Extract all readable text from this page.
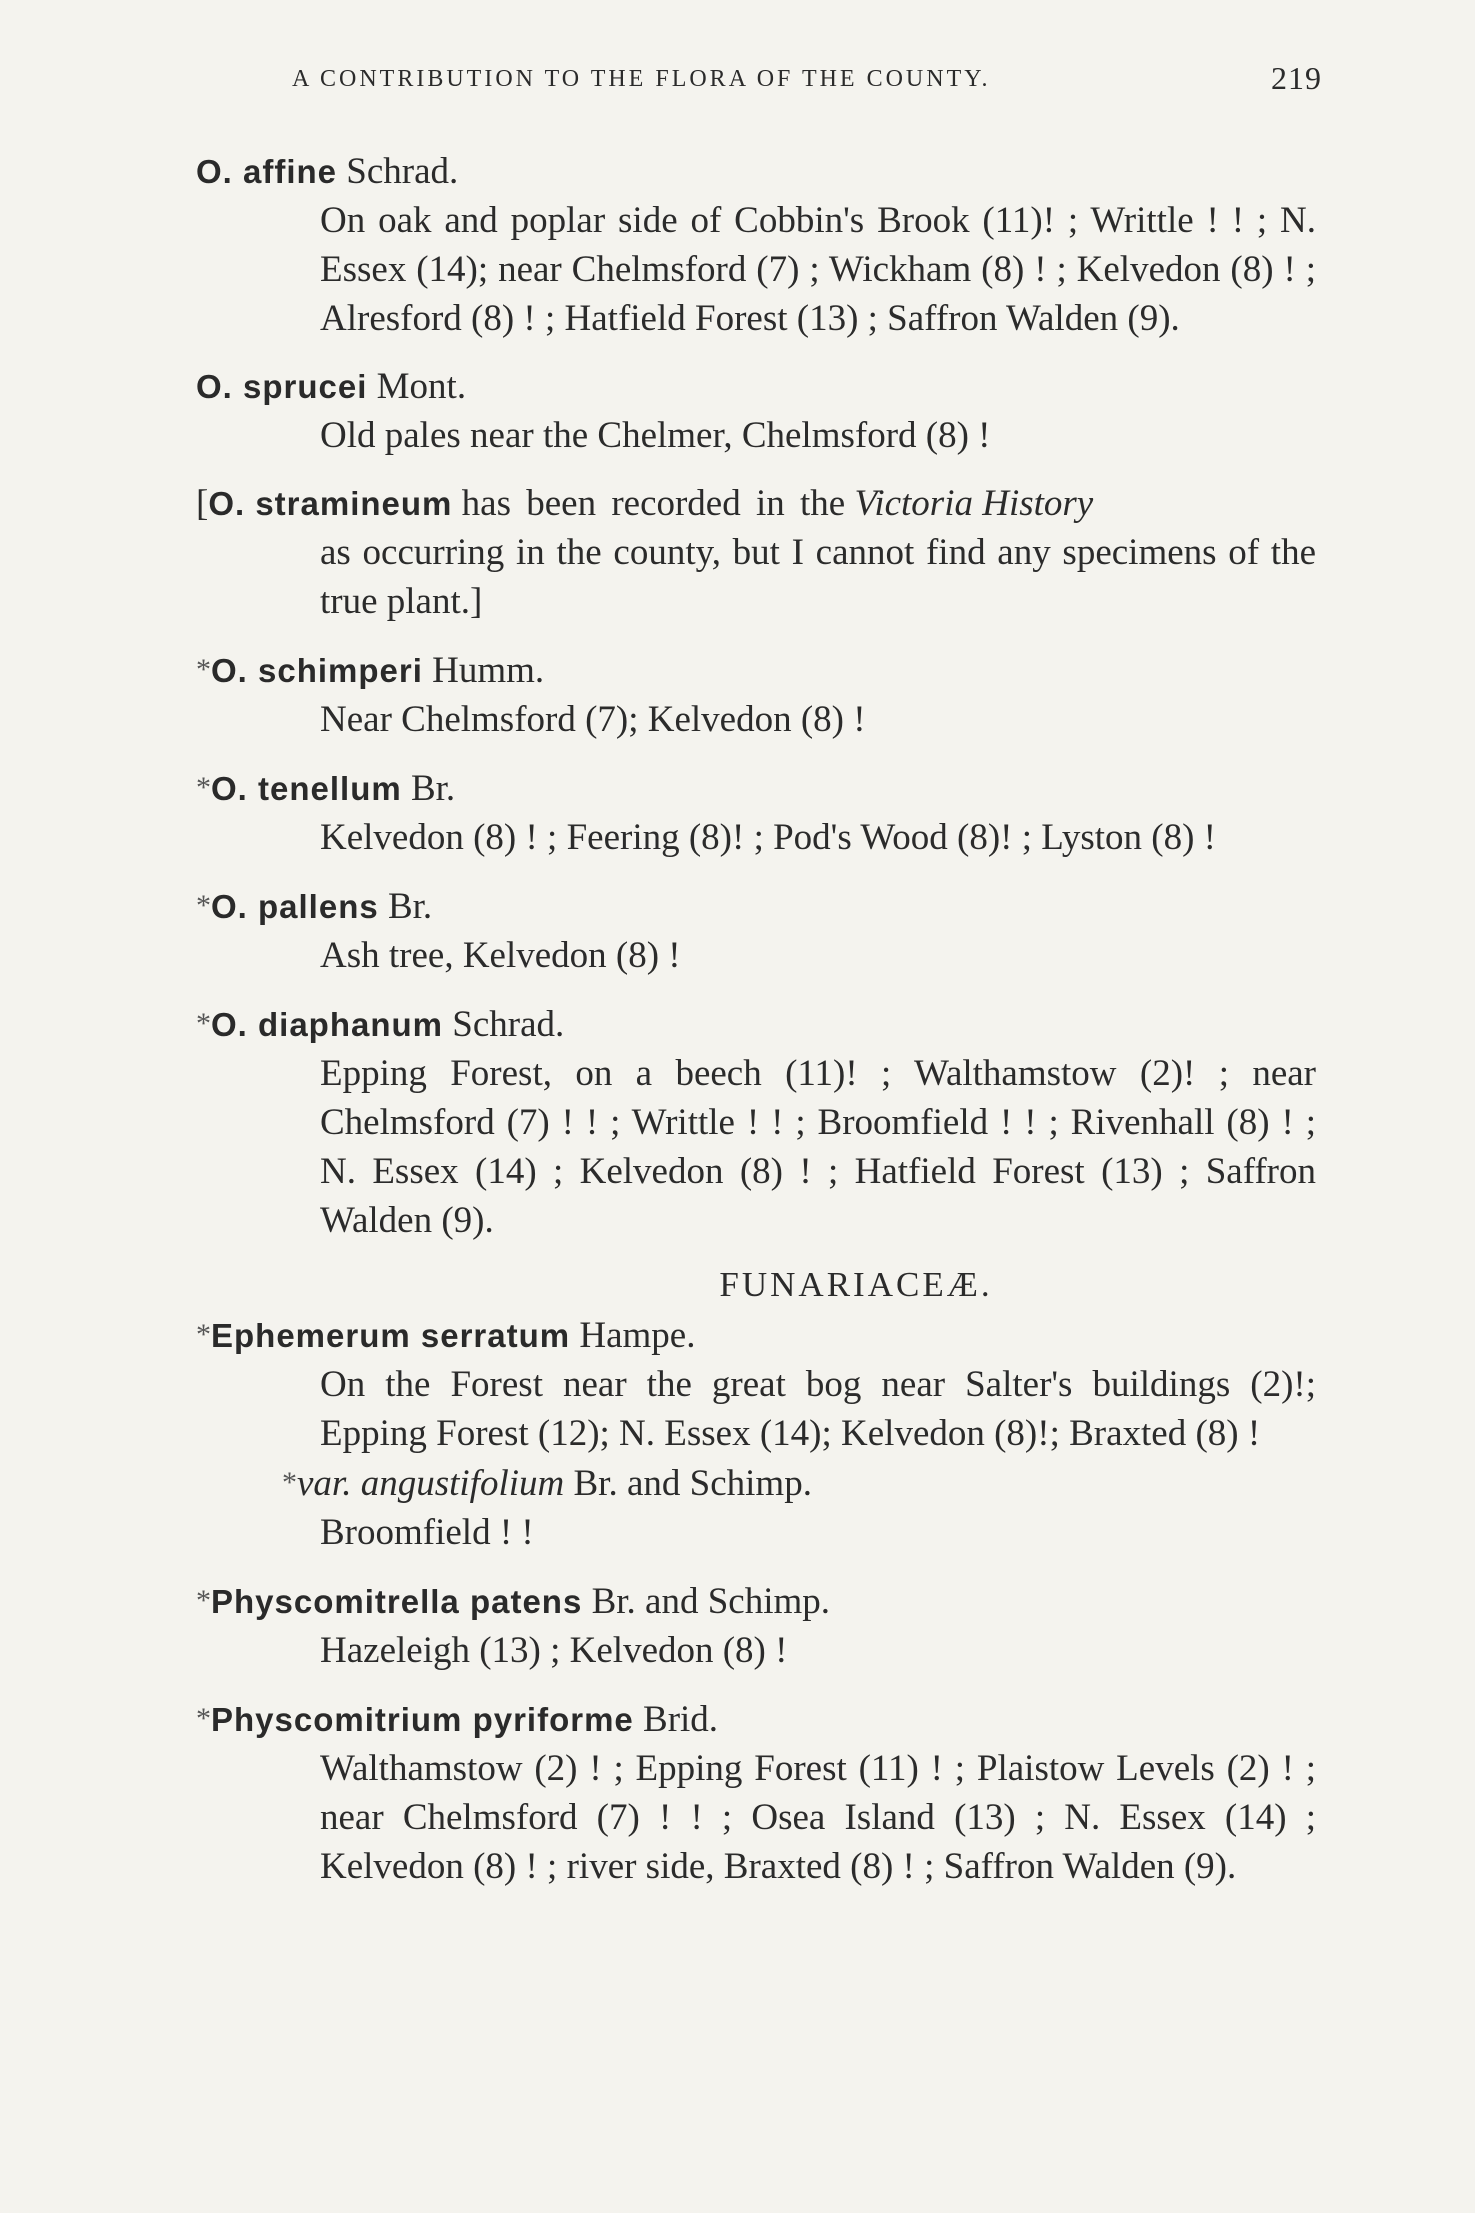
A CONTRIBUTION TO THE FLORA OF THE COUNTY.	219
O. affine Schrad.
On oak and poplar side of Cobbin's Brook (11)! ; Writtle ! ! ; N. Essex (14); near Chelmsford (7) ; Wickham (8) ! ; Kelvedon (8) ! ; Alresford (8) ! ; Hatfield Forest (13) ; Saffron Walden (9).
O. sprucei Mont.
Old pales near the Chelmer, Chelmsford (8) !
[O. stramineum has been recorded in the Victoria History
as occurring in the county, but I cannot find any specimens of the true plant.]
*O. schimperi Humm.
Near Chelmsford (7); Kelvedon (8) !
*O. tenellum Br.
Kelvedon (8) ! ; Feering (8)! ; Pod's Wood (8)! ; Lyston (8) !
*O. pallens Br.
Ash tree, Kelvedon (8) !
*O. diaphanum Schrad.
Epping Forest, on a beech (11)! ; Walthamstow (2)! ; near Chelmsford (7) ! ! ; Writtle ! ! ; Broomfield ! ! ; Rivenhall (8) ! ; N. Essex (14) ; Kelvedon (8) ! ; Hatfield Forest (13) ; Saffron Walden (9).
FUNARIACEÆ.
*Ephemerum serratum Hampe.
On the Forest near the great bog near Salter's buildings (2)!; Epping Forest (12); N. Essex (14); Kelvedon (8)!; Braxted (8) !
*var. angustifolium Br. and Schimp.
Broomfield ! !
*Physcomitrella patens Br. and Schimp.
Hazeleigh (13) ; Kelvedon (8) !
*Physcomitrium pyriforme Brid.
Walthamstow (2) ! ; Epping Forest (11) ! ; Plaistow Levels (2) ! ; near Chelmsford (7) ! ! ; Osea Island (13) ; N. Essex (14) ; Kelvedon (8) ! ; river side, Braxted (8) ! ; Saffron Walden (9).
